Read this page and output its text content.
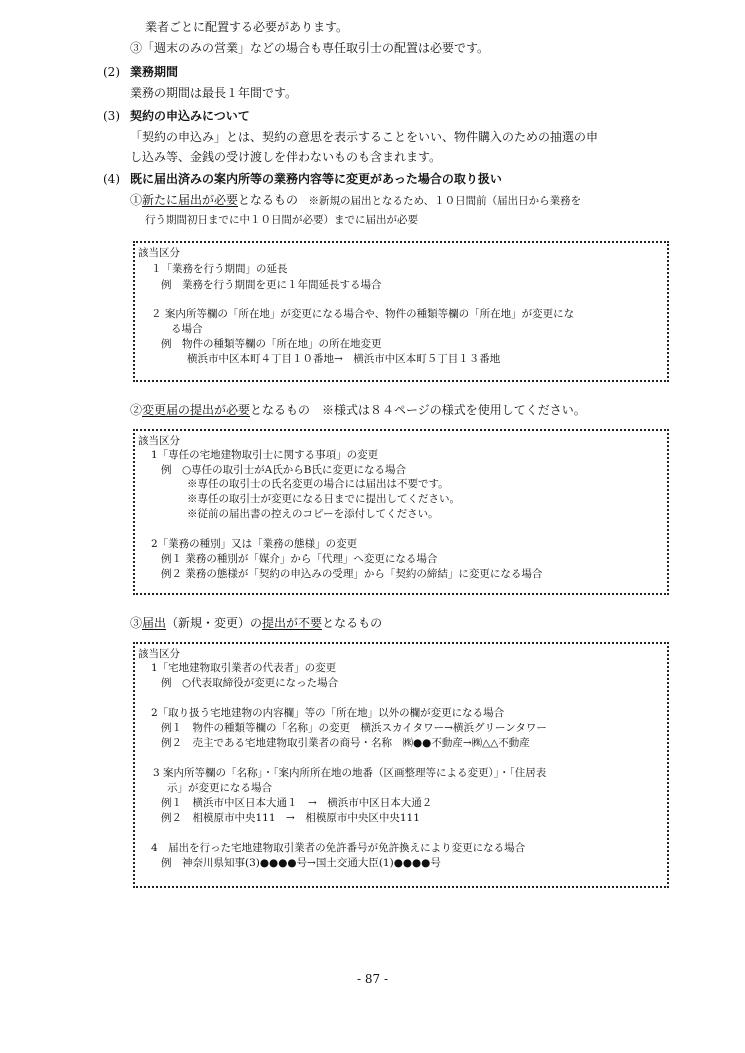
業者ごとに配置する必要があります。
③「週末のみの営業」などの場合も専任取引士の配置は必要です。
(2) 業務期間
業務の期間は最長１年間です。
(3) 契約の申込みについて
「契約の申込み」とは、契約の意思を表示することをいい、物件購入のための抽選の申
し込み等、金銭の受け渡しを伴わないものも含まれます。
(4) 既に届出済みの案内所等の業務内容等に変更があった場合の取り扱い
①新たに届出が必要となるもの　※新規の届出となるため、１０日間前（届出日から業務を
行う期間初日までに中１０日間が必要）までに届出が必要
該当区分
１「業務を行う期間」の延長
例　業務を行う期間を更に１年間延長する場合
２ 案内所等欄の「所在地」が変更になる場合や、物件の種類等欄の「所在地」が変更にな
る場合
例　物件の種類等欄の「所在地」の所在地変更
横浜市中区本町４丁目１０番地→　横浜市中区本町５丁目１３番地
②変更届の提出が必要となるもの　※様式は８４ページの様式を使用してください。
該当区分
1「専任の宅地建物取引士に関する事項」の変更
例　○専任の取引士がA氏からB氏に変更になる場合
※専任の取引士の氏名変更の場合には届出は不要です。
※専任の取引士が変更になる日までに提出してください。
※従前の届出書の控えのコピーを添付してください。
2「業務の種別」又は「業務の態様」の変更
例１ 業務の種別が「媒介」から「代理」へ変更になる場合
例２ 業務の態様が「契約の申込みの受理」から「契約の締結」に変更になる場合
③届出（新規・変更）の提出が不要となるもの
該当区分
1「宅地建物取引業者の代表者」の変更
例　○代表取締役が変更になった場合
2「取り扱う宅地建物の内容欄」等の「所在地」以外の欄が変更になる場合
例１　物件の種類等欄の「名称」の変更　横浜スカイタワー→横浜グリーンタワー
例２　売主である宅地建物取引業者の商号・名称　㈱●●不動産→㈱△△不動産
3 案内所等欄の「名称」・「案内所所在地の地番（区画整理等による変更）」・「住居表
示」が変更になる場合
例１　横浜市中区日本大通１　→　横浜市中区日本大通２
例２　相模原市中央111　→　相模原市中央区中央111
4　届出を行った宅地建物取引業者の免許番号が免許換えにより変更になる場合
例　神奈川県知事(3)●●●●号→国土交通大臣(1)●●●●号
- 87 -
